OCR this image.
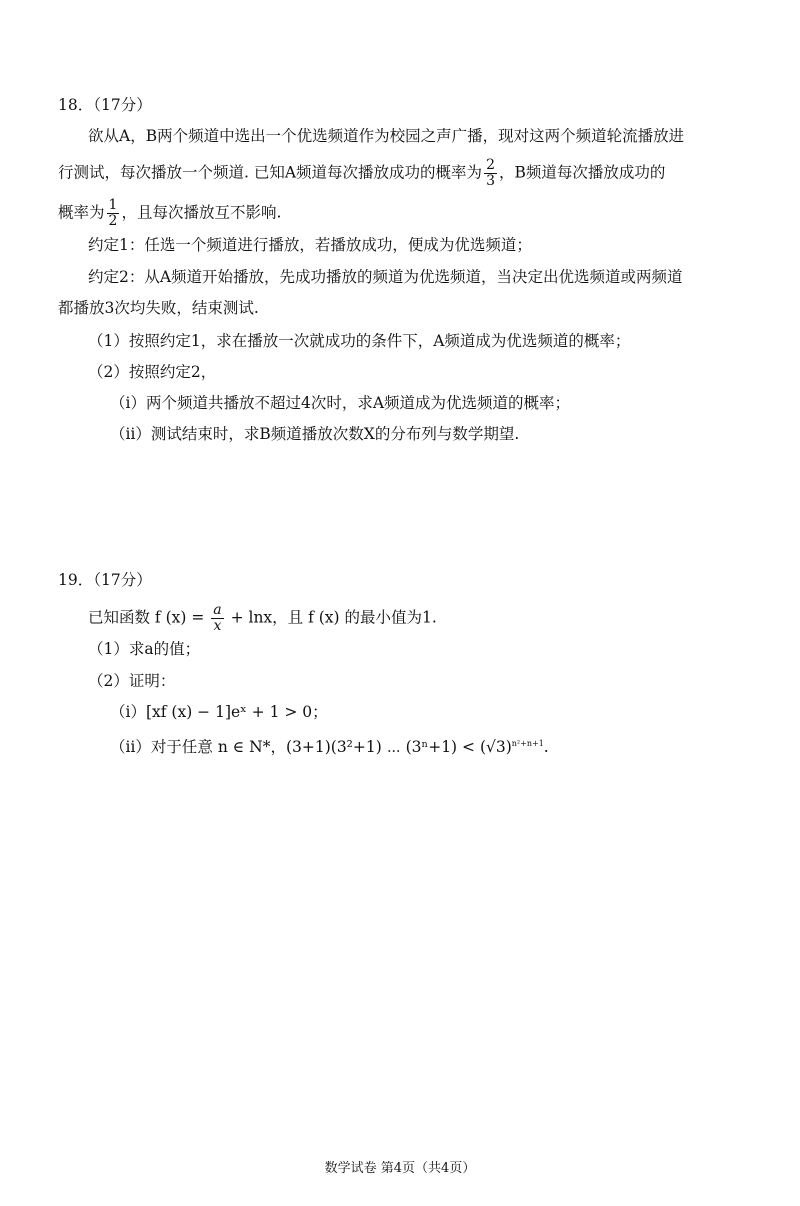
18．（17分）
欲从A，B两个频道中选出一个优选频道作为校园之声广播，现对这两个频道轮流播放进
行测试，每次播放一个频道. 已知A频道每次播放成功的概率为 $\frac{2}{3}$ ，B频道每次播放成功的
概率为 $\frac{1}{2}$ ，且每次播放互不影响.
约定1：任选一个频道进行播放，若播放成功，便成为优选频道；
约定2：从A频道开始播放，先成功播放的频道为优选频道，当决定出优选频道或两频道
都播放3次均失败，结束测试.
（1）按照约定1，求在播放一次就成功的条件下，A频道成为优选频道的概率；
（2）按照约定2，
（ⅰ）两个频道共播放不超过4次时，求A频道成为优选频道的概率；
（ⅱ）测试结束时，求B频道播放次数X的分布列与数学期望.
19．（17分）
已知函数 f $(x) = \frac{a}{x} + \ln x$，且 f (x) 的最小值为1.
（1）求a的值；
（2）证明：
（ⅰ）[xf (x) − 1]eˣ + 1 > 0；
（ⅱ）对于任意 n ∈ N*，(3+1)(3²+1) ⋯ $(3^n+1) < (√3)^{n^2+n+1}$.
数学试卷 第4页（共4页）
